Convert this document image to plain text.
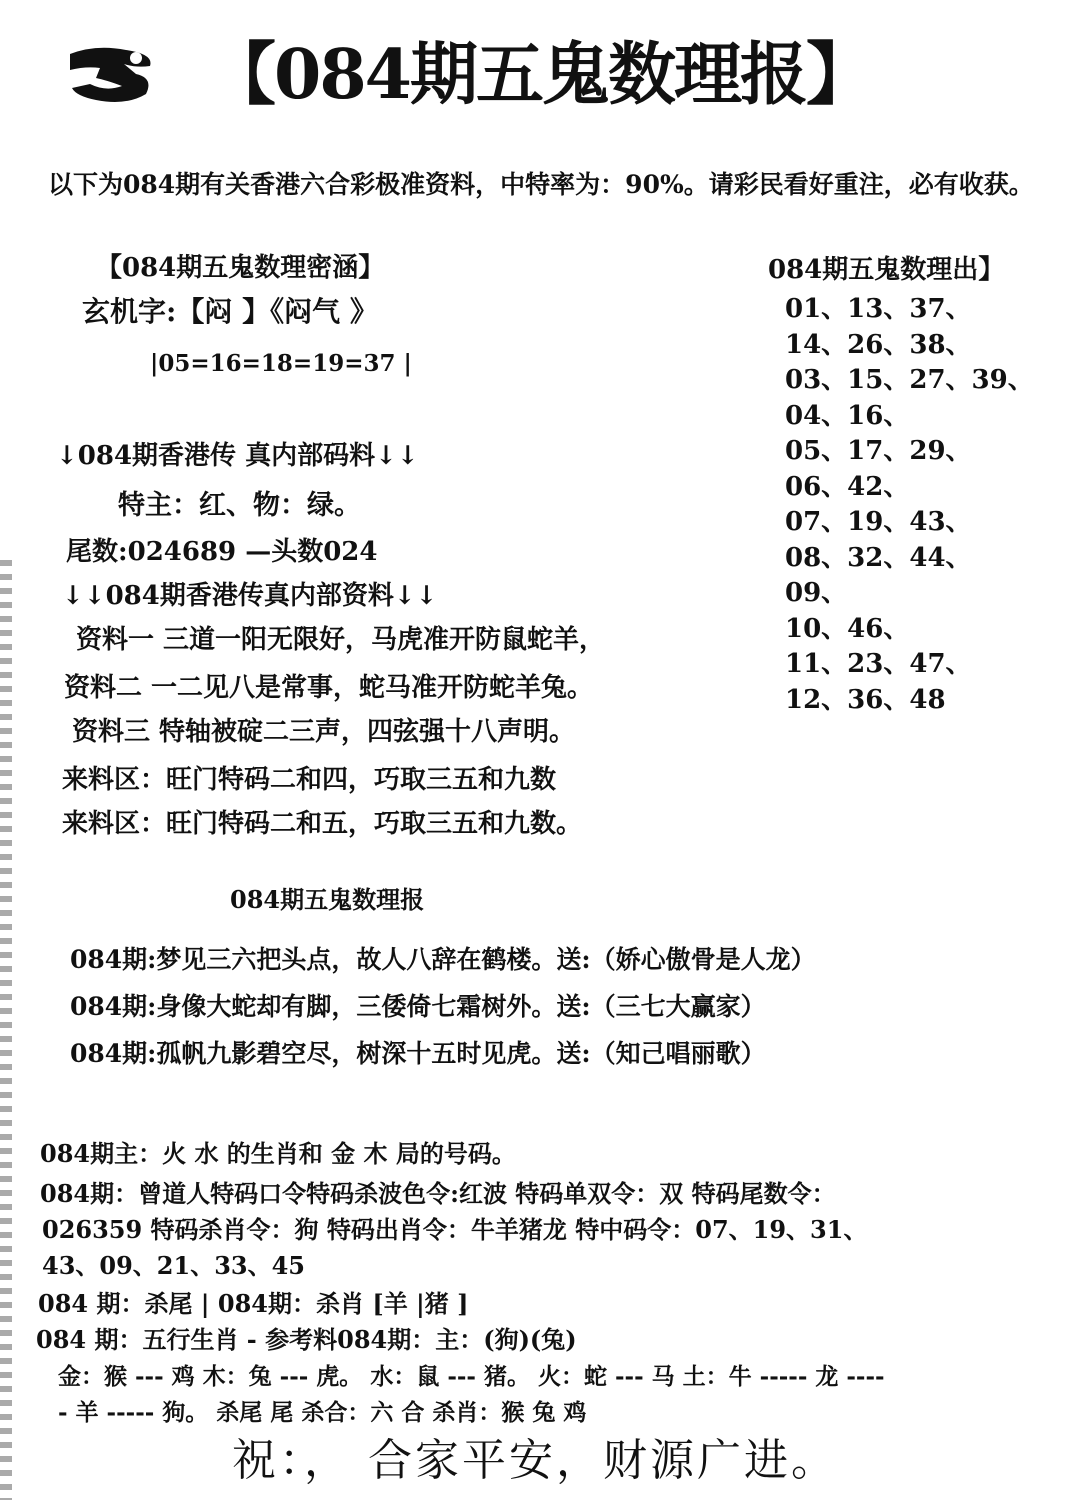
【084期五鬼数理报】
以下为084期有关香港六合彩极准资料，中特率为：90%。请彩民看好重注，必有收获。
【084期五鬼数理密涵】
玄机字:【闷 】《闷气 》
|05=16=18=19=37 |
↓084期香港传 真内部码料↓↓
特主：红、物：绿。
尾数:024689 —头数024
↓↓084期香港传真内部资料↓↓
资料一 三道一阳无限好，马虎准开防鼠蛇羊，
资料二 一二见八是常事，蛇马准开防蛇羊兔。
资料三 特轴被碇二三声，四弦强十八声明。
来料区：旺门特码二和四，巧取三五和九数
来料区：旺门特码二和五，巧取三五和九数。
084期五鬼数理出】
01、13、37、
14、26、38、
03、15、27、39、
04、16、
05、17、29、
06、42、
07、19、43、
08、32、44、
09、
10、46、
11、23、47、
12、36、48
084期五鬼数理报
084期:梦见三六把头点，故人八辞在鹤楼。送:（娇心傲骨是人龙）
084期:身像大蛇却有脚，三倭倚七霜树外。送:（三七大赢家）
084期:孤帆九影碧空尽，树深十五时见虎。送:（知己唱丽歌）
084期主：火 水 的生肖和 金 木 局的号码。
084期：曾道人特码口令特码杀波色令:红波 特码单双令：双 特码尾数令：
026359 特码杀肖令：狗 特码出肖令：牛羊猪龙 特中码令：07、19、31、
43、09、21、33、45
084 期：杀尾 | 084期：杀肖 [羊 |猪 ]
084 期：五行生肖 - 参考料084期：主：(狗)(兔)
金：猴 --- 鸡 木：兔 --- 虎。 水：鼠 --- 猪。 火：蛇 --- 马 土：牛 ----- 龙 ----
- 羊 ----- 狗。 杀尾 尾 杀合：六 合 杀肖：猴 兔 鸡
祝：， 合家平安，财源广进。
